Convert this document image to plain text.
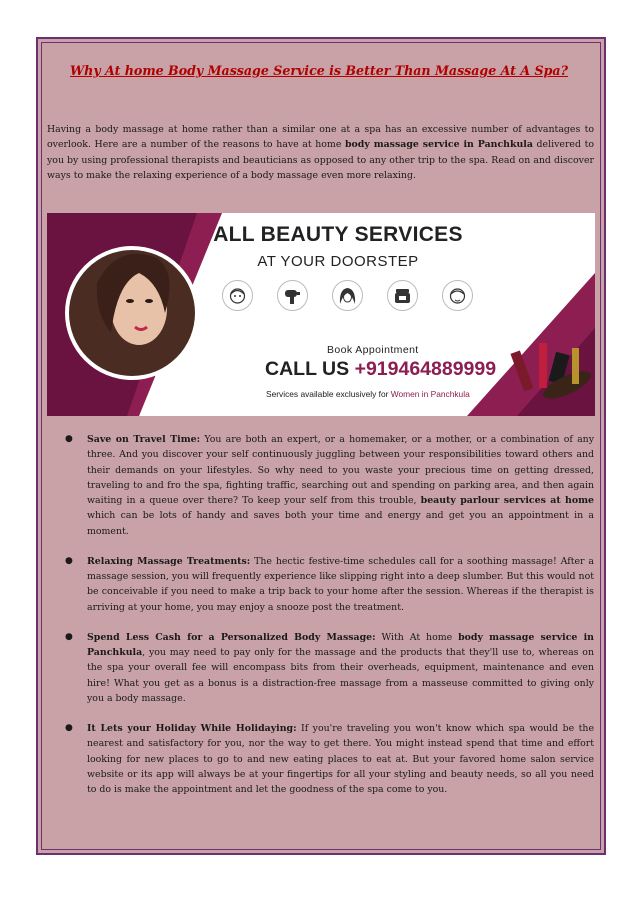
Why At home Body Massage Service is Better Than Massage At A Spa?

Having a body massage at home rather than a similar one at a spa has an excessive number of advantages to overlook. Here are a number of the reasons to have at home body massage service in Panchkula delivered to you by using professional therapists and beauticians as opposed to any other trip to the spa. Read on and discover ways to make the relaxing experience of a body massage even more relaxing.

ALL BEAUTY SERVICES
AT YOUR DOORSTEP
Book Appointment
CALL US +919464889999
Services available exclusively for Women in Panchkula
● Save on Travel Time: You are both an expert, or a homemaker, or a mother, or a combination of any three. And you discover your self continuously juggling between your responsibilities toward others and their demands on your lifestyles. So why need to you waste your precious time on getting dressed, traveling to and fro the spa, fighting traffic, searching out and spending on parking area, and then again waiting in a queue over there? To keep your self from this trouble, beauty parlour services at home which can be lots of handy and saves both your time and energy and get you an appointment in a moment.
● Relaxing Massage Treatments: The hectic festive-time schedules call for a soothing massage! After a massage session, you will frequently experience like slipping right into a deep slumber. But this would not be conceivable if you need to make a trip back to your home after the session. Whereas if the therapist is arriving at your home, you may enjoy a snooze post the treatment.
● Spend Less Cash for a Personalized Body Massage: With At home body massage service in Panchkula, you may need to pay only for the massage and the products that they'll use to, whereas on the spa your overall fee will encompass bits from their overheads, equipment, maintenance and even hire! What you get as a bonus is a distraction-free massage from a masseuse committed to giving only you a body massage.
● It Lets your Holiday While Holidaying: If you're traveling you won't know which spa would be the nearest and satisfactory for you, nor the way to get there. You might instead spend that time and effort looking for new places to go to and new eating places to eat at. But your favored home salon service website or its app will always be at your fingertips for all your styling and beauty needs, so all you need to do is make the appointment and let the goodness of the spa come to you.
